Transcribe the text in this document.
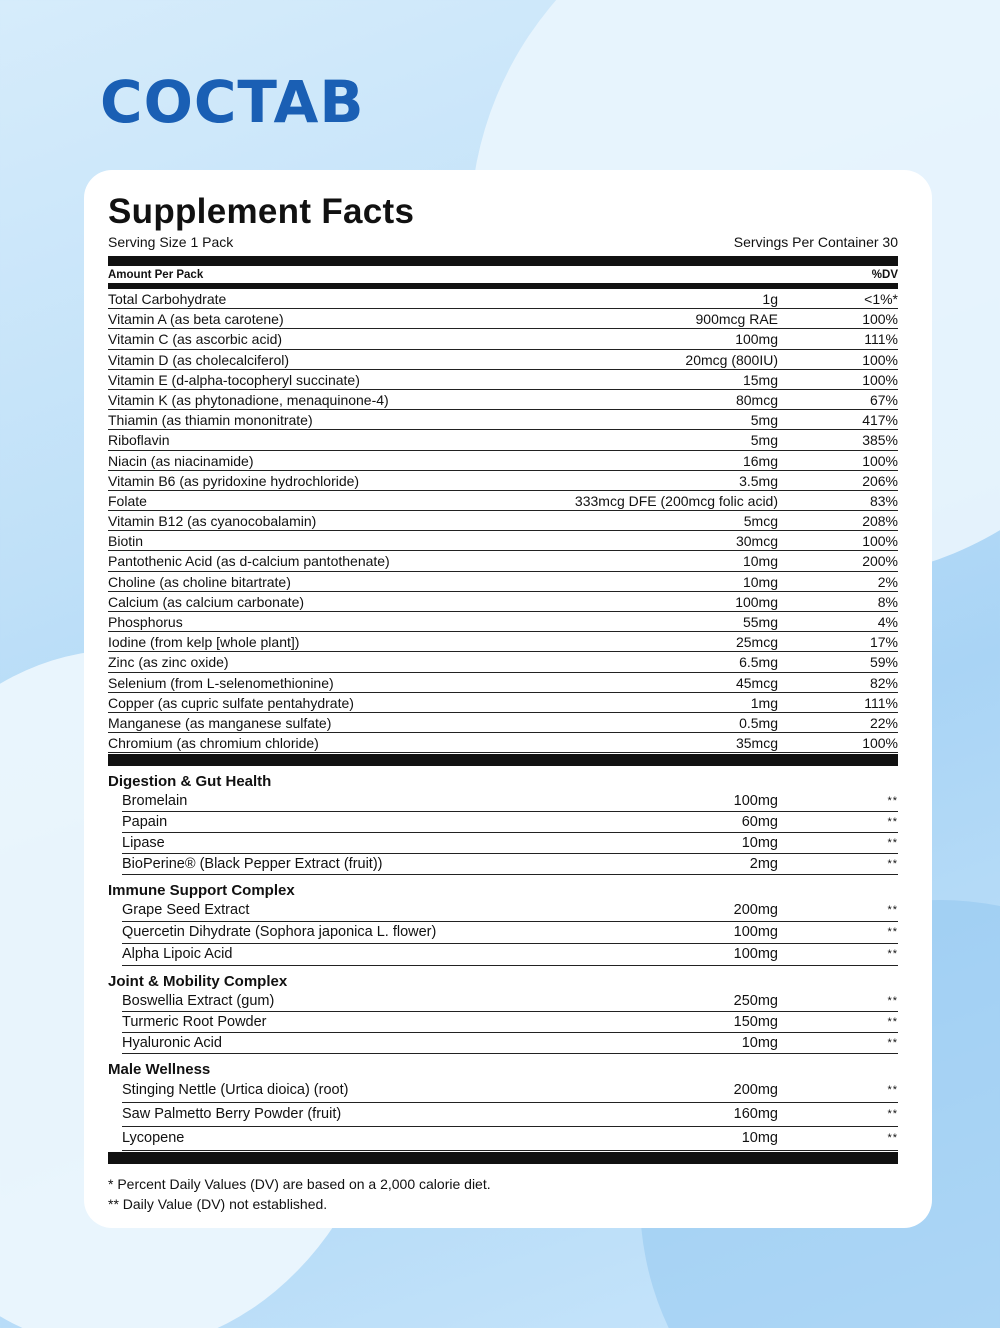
COCTAB
Supplement Facts
Serving Size 1 Pack	Servings Per Container 30
Amount Per Pack	%DV
Total Carbohydrate	1g	<1%*
Vitamin A (as beta carotene)	900mcg RAE	100%
Vitamin C (as ascorbic acid)	100mg	111%
Vitamin D (as cholecalciferol)	20mcg (800IU)	100%
Vitamin E (d-alpha-tocopheryl succinate)	15mg	100%
Vitamin K (as phytonadione, menaquinone-4)	80mcg	67%
Thiamin (as thiamin mononitrate)	5mg	417%
Riboflavin	5mg	385%
Niacin (as niacinamide)	16mg	100%
Vitamin B6 (as pyridoxine hydrochloride)	3.5mg	206%
Folate	333mcg DFE (200mcg folic acid)	83%
Vitamin B12 (as cyanocobalamin)	5mcg	208%
Biotin	30mcg	100%
Pantothenic Acid (as d-calcium pantothenate)	10mg	200%
Choline (as choline bitartrate)	10mg	2%
Calcium (as calcium carbonate)	100mg	8%
Phosphorus	55mg	4%
Iodine (from kelp [whole plant])	25mcg	17%
Zinc (as zinc oxide)	6.5mg	59%
Selenium (from L-selenomethionine)	45mcg	82%
Copper (as cupric sulfate pentahydrate)	1mg	111%
Manganese (as manganese sulfate)	0.5mg	22%
Chromium (as chromium chloride)	35mcg	100%
Digestion & Gut Health
Bromelain	100mg	**
Papain	60mg	**
Lipase	10mg	**
BioPerine® (Black Pepper Extract (fruit))	2mg	**
Immune Support Complex
Grape Seed Extract	200mg	**
Quercetin Dihydrate (Sophora japonica L. flower)	100mg	**
Alpha Lipoic Acid	100mg	**
Joint & Mobility Complex
Boswellia Extract (gum)	250mg	**
Turmeric Root Powder	150mg	**
Hyaluronic Acid	10mg	**
Male Wellness
Stinging Nettle (Urtica dioica) (root)	200mg	**
Saw Palmetto Berry Powder (fruit)	160mg	**
Lycopene	10mg	**
* Percent Daily Values (DV) are based on a 2,000 calorie diet.
** Daily Value (DV) not established.
